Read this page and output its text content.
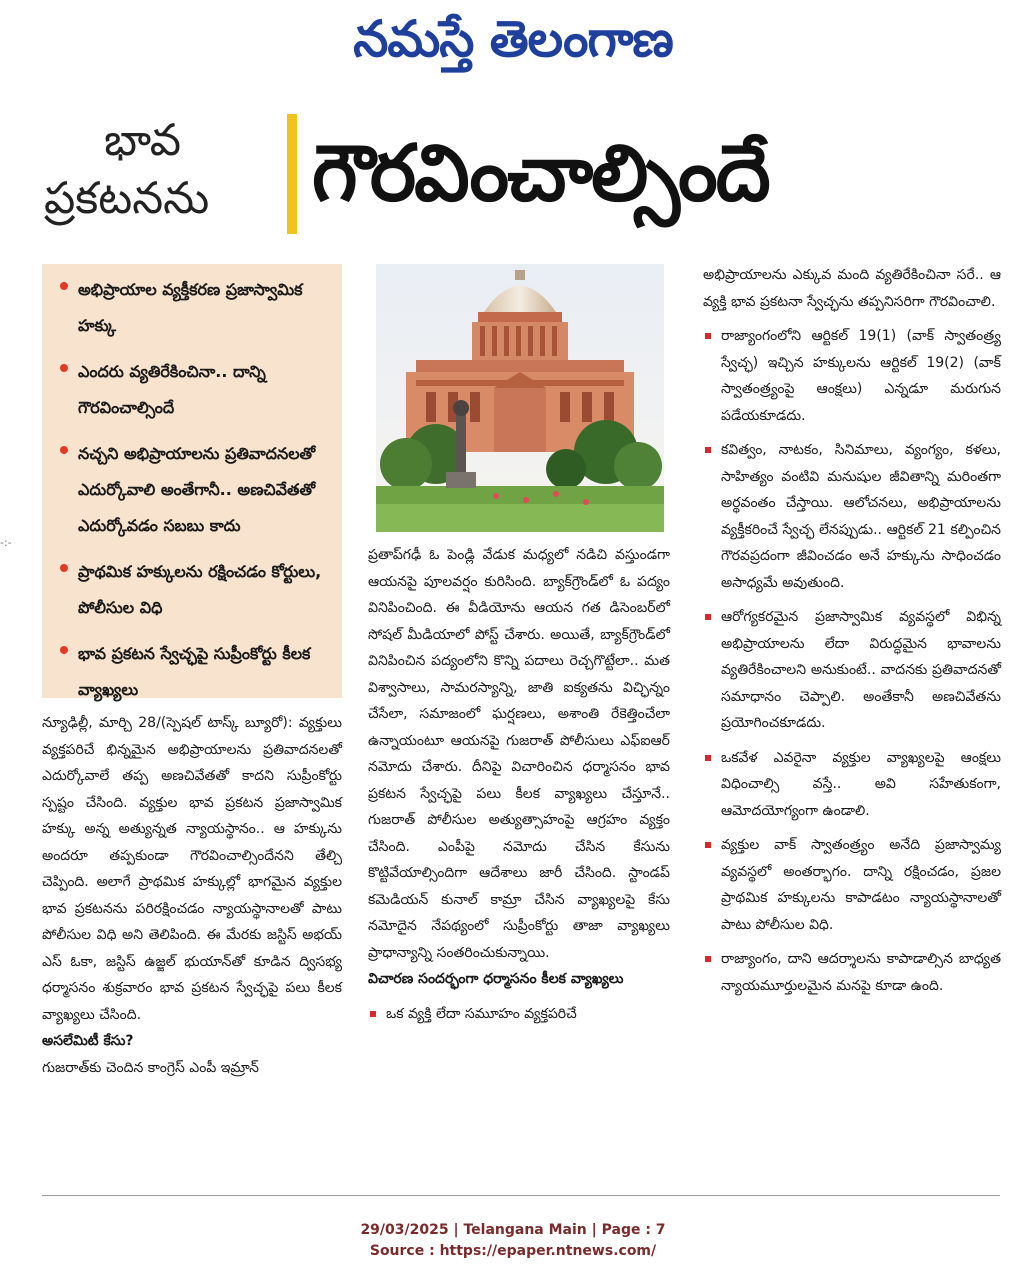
నమస్తే తెలంగాణ
భావ
ప్రకటనను	గౌరవించాల్సిందే
అభిప్రాయాల వ్యక్తీకరణ ప్రజాస్వామిక హక్కు
ఎందరు వ్యతిరేకించినా.. దాన్ని గౌరవించాల్సిందే
నచ్చని అభిప్రాయాలను ప్రతివాదనలతో ఎదుర్కోవాలి అంతేగానీ.. అణచివేతతో ఎదుర్కోవడం సబబు కాదు
ప్రాథమిక హక్కులను రక్షించడం కోర్టులు, పోలీసుల విధి
భావ ప్రకటన స్వేచ్ఛపై సుప్రీంకోర్టు కీలక వ్యాఖ్యలు

న్యూఢిల్లీ, మార్చి 28/(స్పెషల్ టాస్క్ బ్యూరో): వ్యక్తులు వ్యక్తపరిచే భిన్నమైన అభిప్రాయాలను ప్రతివాదనలతో ఎదుర్కోవాలే తప్ప అణచివేతతో కాదని సుప్రీంకోర్టు స్పష్టం చేసింది. వ్యక్తుల భావ ప్రకటన ప్రజాస్వామిక హక్కు అన్న అత్యున్నత న్యాయస్థానం.. ఆ హక్కును అందరూ తప్పకుండా గౌరవించాల్సిందేనని తేల్చి చెప్పింది. అలాగే ప్రాథమిక హక్కుల్లో భాగమైన వ్యక్తుల భావ ప్రకటనను పరిరక్షించడం న్యాయస్థానాలతో పాటు పోలీసుల విధి అని తెలిపింది. ఈ మేరకు జస్టిస్ అభయ్ ఎస్ ఓకా, జస్టిస్ ఉజ్జల్ భుయాన్‌తో కూడిన ద్విసభ్య ధర్మాసనం శుక్రవారం భావ ప్రకటన స్వేచ్ఛపై పలు కీలక వ్యాఖ్యలు చేసింది.

అసలేమిటీ కేసు?

గుజరాత్‌కు చెందిన కాంగ్రెస్ ఎంపీ ఇమ్రాన్

ప్రతాప్‌గఢీ ఓ పెండ్లి వేడుక మధ్యలో నడిచి వస్తుండగా ఆయనపై పూలవర్షం కురిసింది. బ్యాక్‌గ్రౌండ్‌లో ఓ పద్యం వినిపించింది. ఈ వీడియోను ఆయన గత డిసెంబర్‌లో సోషల్ మీడియాలో పోస్ట్ చేశారు. అయితే, బ్యాక్‌గ్రౌండ్‌లో వినిపించిన పద్యంలోని కొన్ని పదాలు రెచ్చగొట్టేలా.. మత విశ్వాసాలు, సామరస్యాన్ని, జాతి ఐక్యతను విచ్ఛిన్నం చేసేలా, సమాజంలో ఘర్షణలు, అశాంతి రేకెత్తించేలా ఉన్నాయంటూ ఆయనపై గుజరాత్ పోలీసులు ఎఫ్‌ఐఆర్ నమోదు చేశారు. దీనిపై విచారించిన ధర్మాసనం భావ ప్రకటన స్వేచ్ఛపై పలు కీలక వ్యాఖ్యలు చేస్తూనే.. గుజరాత్ పోలీసుల అత్యుత్సాహంపై ఆగ్రహం వ్యక్తం చేసింది. ఎంపీపై నమోదు చేసిన కేసును కొట్టివేయాల్సిందిగా ఆదేశాలు జారీ చేసింది. స్టాండప్ కమెడియన్ కునాల్ కామ్రా చేసిన వ్యాఖ్యలపై కేసు నమోదైన నేపథ్యంలో సుప్రీంకోర్టు తాజా వ్యాఖ్యలు ప్రాధాన్యాన్ని సంతరించుకున్నాయి.

విచారణ సందర్భంగా ధర్మాసనం కీలక వ్యాఖ్యలు

ఒక వ్యక్తి లేదా సమూహం వ్యక్తపరిచే

అభిప్రాయాలను ఎక్కువ మంది వ్యతిరేకించినా సరే.. ఆ వ్యక్తి భావ ప్రకటనా స్వేచ్ఛను తప్పనిసరిగా గౌరవించాలి.

రాజ్యాంగంలోని ఆర్టికల్ 19(1) (వాక్ స్వాతంత్ర్య స్వేచ్ఛ) ఇచ్చిన హక్కులను ఆర్టికల్ 19(2) (వాక్ స్వాతంత్ర్యంపై ఆంక్షలు) ఎన్నడూ మరుగున పడేయకూడదు.
కవిత్వం, నాటకం, సినిమాలు, వ్యంగ్యం, కళలు, సాహిత్యం వంటివి మనుషుల జీవితాన్ని మరింతగా అర్థవంతం చేస్తాయి. ఆలోచనలు, అభిప్రాయాలను వ్యక్తీకరించే స్వేచ్ఛ లేనప్పుడు.. ఆర్టికల్ 21 కల్పించిన గౌరవప్రదంగా జీవించడం అనే హక్కును సాధించడం అసాధ్యమే అవుతుంది.
ఆరోగ్యకరమైన ప్రజాస్వామిక వ్యవస్థలో విభిన్న అభిప్రాయాలను లేదా విరుద్ధమైన భావాలను వ్యతిరేకించాలని అనుకుంటే.. వాదనకు ప్రతివాదనతో సమాధానం చెప్పాలి. అంతేకానీ అణచివేతను ప్రయోగించకూడదు.
ఒకవేళ ఎవరైనా వ్యక్తుల వ్యాఖ్యలపై ఆంక్షలు విధించాల్సి వస్తే.. అవి సహేతుకంగా, ఆమోదయోగ్యంగా ఉండాలి.
వ్యక్తుల వాక్ స్వాతంత్ర్యం అనేది ప్రజాస్వామ్య వ్యవస్థలో అంతర్భాగం. దాన్ని రక్షించడం, ప్రజల ప్రాథమిక హక్కులను కాపాడటం న్యాయస్థానాలతో పాటు పోలీసుల విధి.
రాజ్యాంగం, దాని ఆదర్శాలను కాపాడాల్సిన బాధ్యత న్యాయమూర్తులమైన మనపై కూడా ఉంది.
-:-
29/03/2025 | Telangana Main | Page : 7
Source : https://epaper.ntnews.com/
